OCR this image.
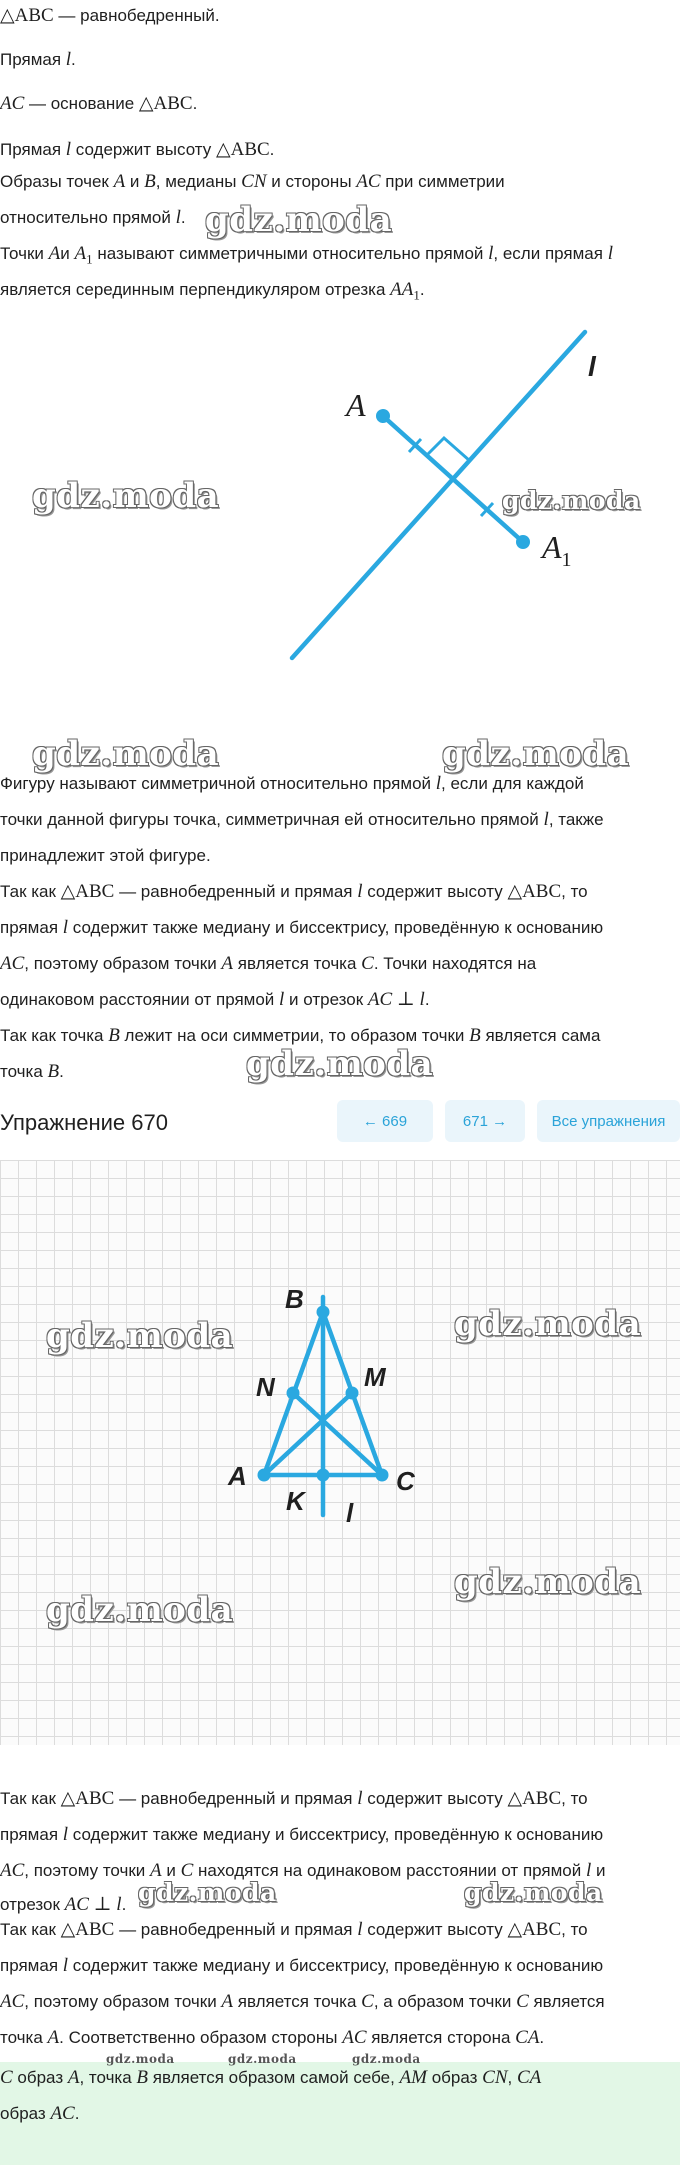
△ABC — равнобедренный.
Прямая l.
AC — основание △ABC.
Прямая l содержит высоту △ABC.
Образы точек A и B, медианы CN и стороны AC при симметрии
относительно прямой l.
Точки Aи $A_1$ называют симметричными относительно прямой l, если прямая l
является серединным перпендикуляром отрезка $AA_1$.
A
$A_1$
l
Фигуру называют симметричной относительно прямой l, если для каждой
точки данной фигуры точка, симметричная ей относительно прямой l, также
принадлежит этой фигуре.
Так как △ABC — равнобедренный и прямая l содержит высоту △ABC, то
прямая l содержит также медиану и биссектрису, проведённую к основанию
AC, поэтому образом точки A является точка C. Точки находятся на
одинаковом расстоянии от прямой l и отрезок AC ⊥ l.
Так как точка B лежит на оси симметрии, то образом точки B является сама
точка B.
Упражнение 670	← 669	671 →	Все упражнения
B
N	M
A
K l
C
Так как △ABC — равнобедренный и прямая l содержит высоту △ABC, то
прямая l содержит также медиану и биссектрису, проведённую к основанию
AC, поэтому точки A и C находятся на одинаковом расстоянии от прямой l и
отрезок AC ⊥ l.
Так как △ABC — равнобедренный и прямая l содержит высоту △ABC, то
прямая l содержит также медиану и биссектрису, проведённую к основанию
AC, поэтому образом точки A является точка C, а образом точки C является
точка A. Соответственно образом стороны AC является сторона CA.
C образ A, точка B является образом самой себе, AM образ CN, CA
образ AC.
gdz.moda
gdz.moda	gdz.moda
gdz.moda	gdz.moda
gdz.moda
gdz.moda	gdz.moda
gdz.moda
gdz.moda
gdz.moda	gdz.moda
gdz.moda	gdz.moda	gdz.moda
